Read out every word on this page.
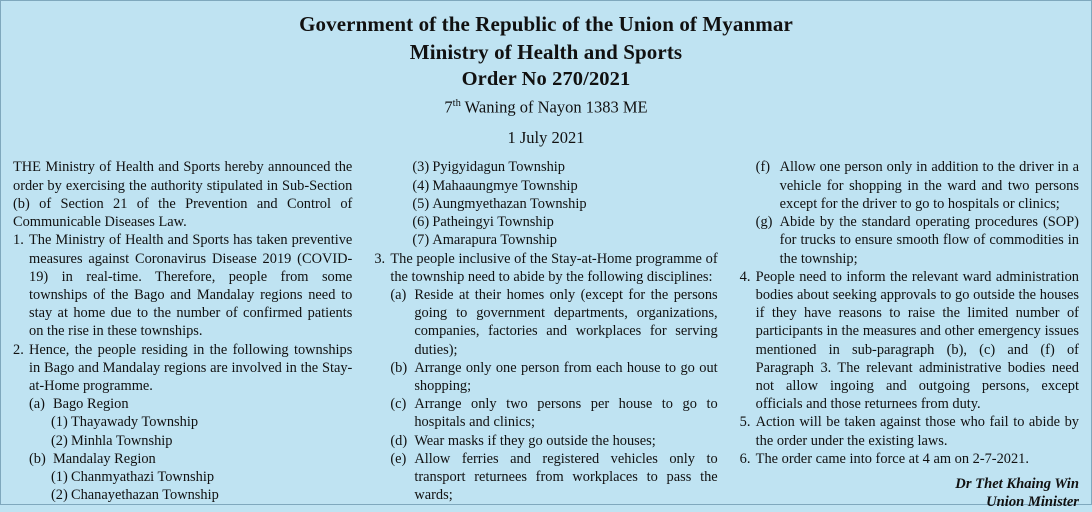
Government of the Republic of the Union of Myanmar
Ministry of Health and Sports
Order No 270/2021
7th Waning of Nayon 1383 ME
1 July 2021

THE Ministry of Health and Sports hereby announced the order by exercising the authority stipulated in Sub-Section (b) of Section 21 of the Prevention and Control of Communicable Diseases Law.

1. The Ministry of Health and Sports has taken preventive measures against Coronavirus Disease 2019 (COVID-19) in real-time. Therefore, people from some townships of the Bago and Mandalay regions need to stay at home due to the number of confirmed patients on the rise in these townships.
2. Hence, the people residing in the following townships in Bago and Mandalay regions are involved in the Stay-at-Home programme.
(a) Bago Region
(1) Thayawady Township
(2) Minhla Township
(b) Mandalay Region
(1) Chanmyathazi Township
(2) Chanayethazan Township
(3) Pyigyidagun Township
(4) Mahaaungmye Township
(5) Aungmyethazan Township
(6) Patheingyi Township
(7) Amarapura Township
3. The people inclusive of the Stay-at-Home programme of the township need to abide by the following disciplines:
(a) Reside at their homes only (except for the persons going to government departments, organizations, companies, factories and workplaces for serving duties);
(b) Arrange only one person from each house to go out shopping;
(c) Arrange only two persons per house to go to hospitals and clinics;
(d) Wear masks if they go outside the houses;
(e) Allow ferries and registered vehicles only to transport returnees from workplaces to pass the wards;
(f) Allow one person only in addition to the driver in a vehicle for shopping in the ward and two persons except for the driver to go to hospitals or clinics;
(g) Abide by the standard operating procedures (SOP) for trucks to ensure smooth flow of commodities in the township;
4. People need to inform the relevant ward administration bodies about seeking approvals to go outside the houses if they have reasons to raise the limited number of participants in the measures and other emergency issues mentioned in sub-paragraph (b), (c) and (f) of Paragraph 3. The relevant administrative bodies need not allow ingoing and outgoing persons, except officials and those returnees from duty.
5. Action will be taken against those who fail to abide by the order under the existing laws.
6. The order came into force at 4 am on 2-7-2021.
Dr Thet Khaing Win
Union Minister
